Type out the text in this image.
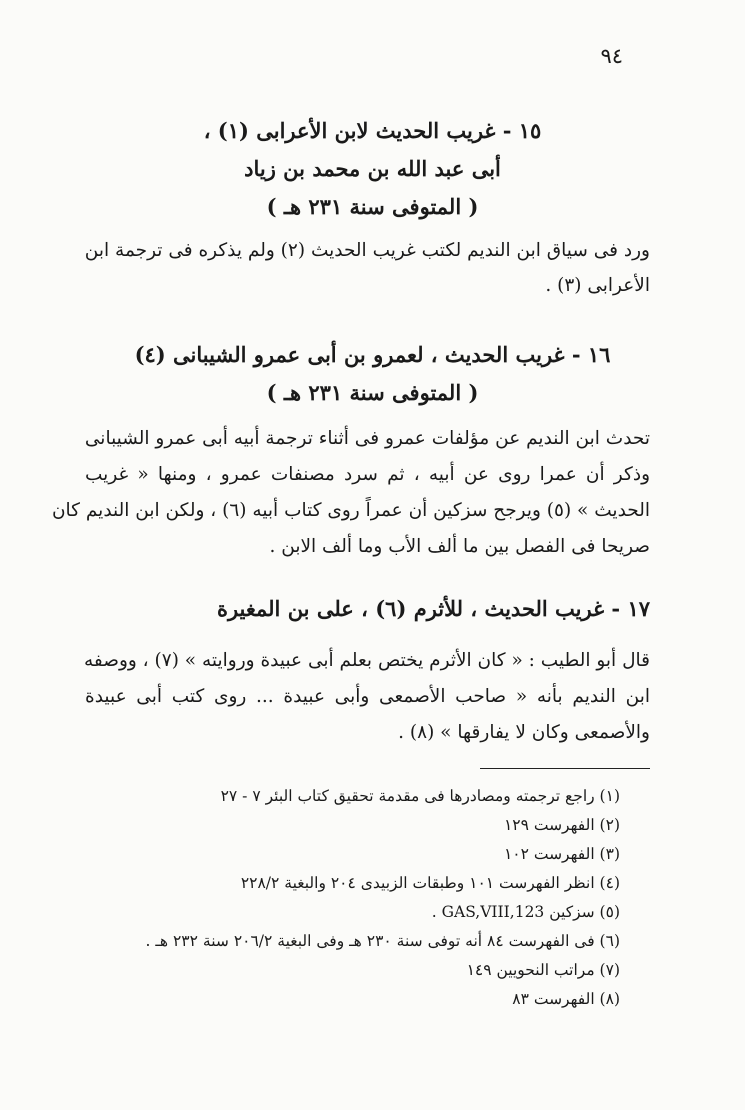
٩٤
١٥ - غريب الحديث لابن الأعرابى (١) ،
أبى عبد الله بن محمد بن زياد
( المتوفى سنة ٢٣١ هـ )
ورد فى سياق ابن النديم لكتب غريب الحديث (٢) ولم يذكره فى ترجمة ابن
الأعرابى (٣) .
١٦ - غريب الحديث ، لعمرو بن أبى عمرو الشيبانى (٤)
( المتوفى سنة ٢٣١ هـ )
تحدث ابن النديم عن مؤلفات عمرو فى أثناء ترجمة أبيه أبى عمرو الشيبانى
وذكر أن عمرا روى عن أبيه ، ثم سرد مصنفات عمرو ، ومنها « غريب
الحديث » (٥) ويرجح سزكين أن عمراً روى كتاب أبيه (٦) ، ولكن ابن النديم كان
صريحا فى الفصل بين ما ألف الأب وما ألف الابن .
١٧ - غريب الحديث ، للأثرم (٦) ، على بن المغيرة
قال أبو الطيب : « كان الأثرم يختص بعلم أبى عبيدة وروايته » (٧) ، ووصفه
ابن النديم بأنه « صاحب الأصمعى وأبى عبيدة ... روى كتب أبى عبيدة
والأصمعى وكان لا يفارقها » (٨) .
(١) راجع ترجمته ومصادرها فى مقدمة تحقيق كتاب البئر ٧ - ٢٧
(٢) الفهرست ١٢٩
(٣) الفهرست ١٠٢
(٤) انظر الفهرست ١٠١ وطبقات الزبيدى ٢٠٤ والبغية ٢٢٨/٢
(٥) سزكين GAS,VIII,123 .
(٦) فى الفهرست ٨٤ أنه توفى سنة ٢٣٠ هـ وفى البغية ٢٠٦/٢ سنة ٢٣٢ هـ .
(٧) مراتب النحويين ١٤٩
(٨) الفهرست ٨٣
